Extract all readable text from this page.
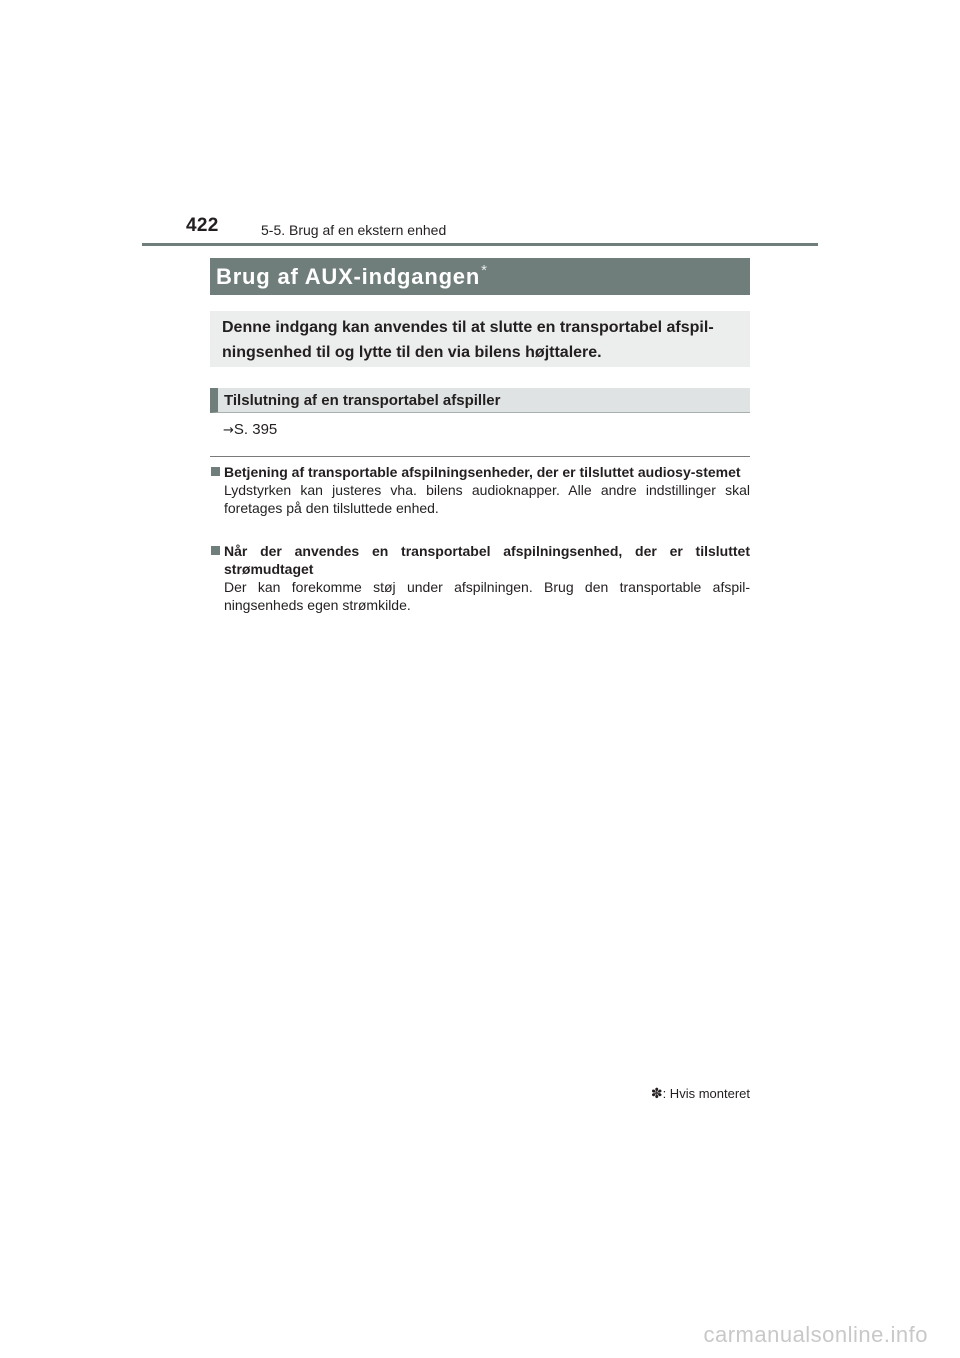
422	5-5. Brug af en ekstern enhed
Brug af AUX-indgangen*
Denne indgang kan anvendes til at slutte en transportabel afspil-ningsenhed til og lytte til den via bilens højttalere.
Tilslutning af en transportabel afspiller
→S. 395
Betjening af transportable afspilningsenheder, der er tilsluttet audiosy-stemet
Lydstyrken kan justeres vha. bilens audioknapper. Alle andre indstillinger skal foretages på den tilsluttede enhed.
Når der anvendes en transportabel afspilningsenhed, der er tilsluttet strømudtaget
Der kan forekomme støj under afspilningen. Brug den transportable afspil-ningsenheds egen strømkilde.
✽: Hvis monteret
carmanualsonline.info
